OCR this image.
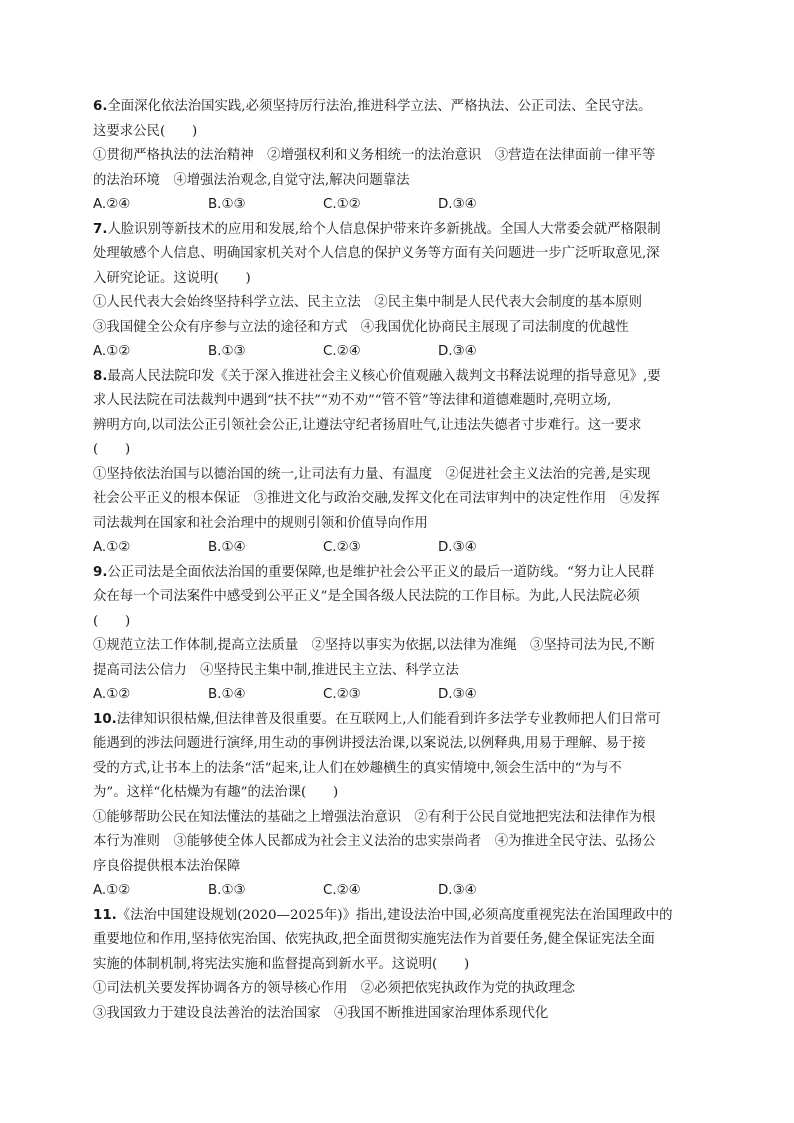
6.全面深化依法治国实践,必须坚持厉行法治,推进科学立法、严格执法、公正司法、全民守法。
这要求公民(　　)
①贯彻严格执法的法治精神　②增强权利和义务相统一的法治意识　③营造在法律面前一律平等
的法治环境　④增强法治观念,自觉守法,解决问题靠法
A.②④	B.①③	C.①②	D.③④
7.人脸识别等新技术的应用和发展,给个人信息保护带来许多新挑战。全国人大常委会就严格限制
处理敏感个人信息、明确国家机关对个人信息的保护义务等方面有关问题进一步广泛听取意见,深
入研究论证。这说明(　　)
①人民代表大会始终坚持科学立法、民主立法　②民主集中制是人民代表大会制度的基本原则
③我国健全公众有序参与立法的途径和方式　④我国优化协商民主展现了司法制度的优越性
A.①②	B.①③	C.②④	D.③④
8.最高人民法院印发《关于深入推进社会主义核心价值观融入裁判文书释法说理的指导意见》,要
求人民法院在司法裁判中遇到“扶不扶”“劝不劝”“管不管”等法律和道德难题时,亮明立场,
辨明方向,以司法公正引领社会公正,让遵法守纪者扬眉吐气,让违法失德者寸步难行。这一要求
(　　)
①坚持依法治国与以德治国的统一,让司法有力量、有温度　②促进社会主义法治的完善,是实现
社会公平正义的根本保证　③推进文化与政治交融,发挥文化在司法审判中的决定性作用　④发挥
司法裁判在国家和社会治理中的规则引领和价值导向作用
A.①②	B.①④	C.②③	D.③④
9.公正司法是全面依法治国的重要保障,也是维护社会公平正义的最后一道防线。“努力让人民群
众在每一个司法案件中感受到公平正义”是全国各级人民法院的工作目标。为此,人民法院必须
(　　)
①规范立法工作体制,提高立法质量　②坚持以事实为依据,以法律为准绳　③坚持司法为民,不断
提高司法公信力　④坚持民主集中制,推进民主立法、科学立法
A.①②	B.①④	C.②③	D.③④
10.法律知识很枯燥,但法律普及很重要。在互联网上,人们能看到许多法学专业教师把人们日常可
能遇到的涉法问题进行演绎,用生动的事例讲授法治课,以案说法,以例释典,用易于理解、易于接
受的方式,让书本上的法条“活”起来,让人们在妙趣横生的真实情境中,领会生活中的“为与不
为”。这样“化枯燥为有趣”的法治课(　　)
①能够帮助公民在知法懂法的基础之上增强法治意识　②有利于公民自觉地把宪法和法律作为根
本行为准则　③能够使全体人民都成为社会主义法治的忠实崇尚者　④为推进全民守法、弘扬公
序良俗提供根本法治保障
A.①②	B.①③	C.②④	D.③④
11.《法治中国建设规划(2020—2025年)》指出,建设法治中国,必须高度重视宪法在治国理政中的
重要地位和作用,坚持依宪治国、依宪执政,把全面贯彻实施宪法作为首要任务,健全保证宪法全面
实施的体制机制,将宪法实施和监督提高到新水平。这说明(　　)
①司法机关要发挥协调各方的领导核心作用　②必须把依宪执政作为党的执政理念
③我国致力于建设良法善治的法治国家　④我国不断推进国家治理体系现代化
